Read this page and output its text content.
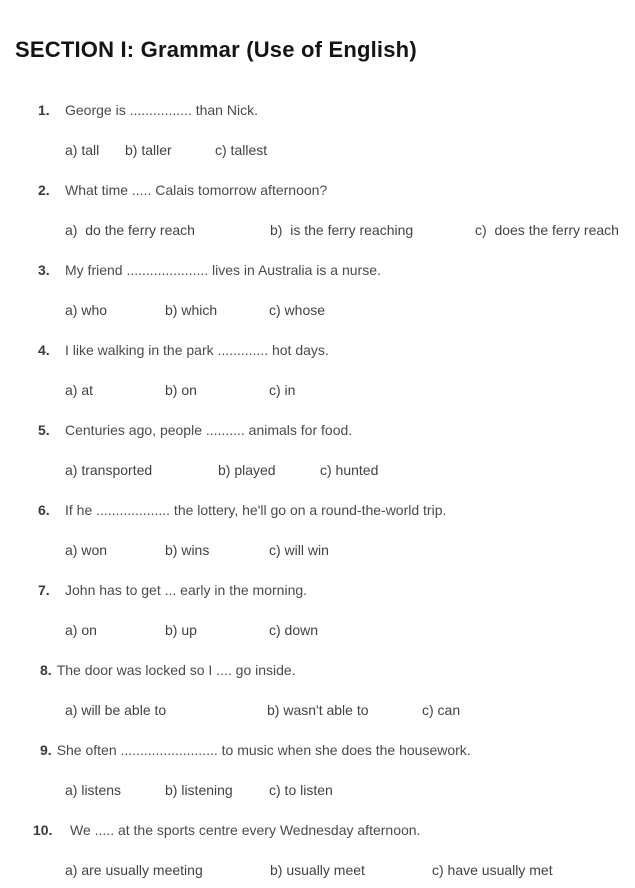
SECTION I: Grammar (Use of English)
1.	George is ................ than Nick.
a) tall	b) taller	c) tallest
2.	What time ..... Calais tomorrow afternoon?
a)  do the ferry reach	b)  is the ferry reaching	c)  does the ferry reach
3.	My friend ..................... lives in Australia is a nurse.
a) who	b) which	c) whose
4.	I like walking in the park ............. hot days.
a) at	b) on	c) in
5.	Centuries ago, people .......... animals for food.
a) transported	b) played	c) hunted
6.	If he ................... the lottery, he'll go on a round-the-world trip.
a) won	b) wins	c) will win
7.	John has to get ... early in the morning.
a) on	b) up	c) down
8. The door was locked so I .... go inside.
a) will be able to	b) wasn't able to	c) can
9. She often ......................... to music when she does the housework.
a) listens	b) listening	c) to listen
10.	We ..... at the sports centre every Wednesday afternoon.
a) are usually meeting	b) usually meet	c) have usually met
